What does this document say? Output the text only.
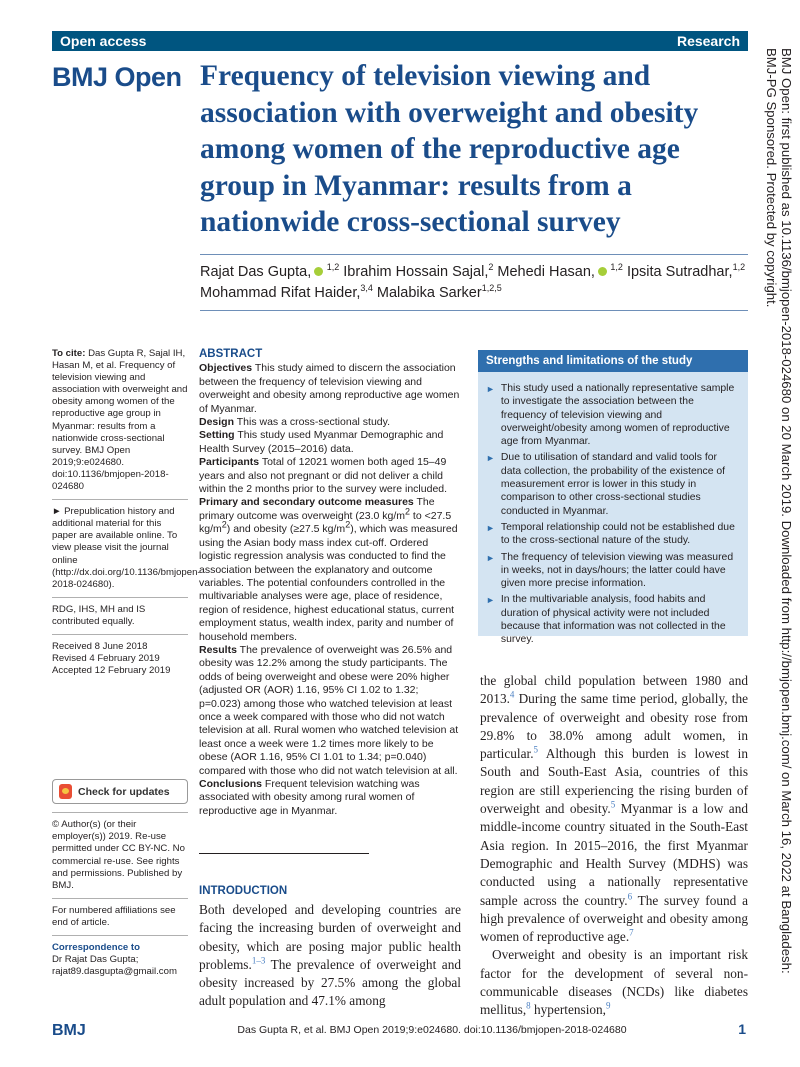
Open access	Research
BMJ Open Frequency of television viewing and association with overweight and obesity among women of the reproductive age group in Myanmar: results from a nationwide cross-sectional survey
Rajat Das Gupta, $^{1,2}$ Ibrahim Hossain Sajal,$^2$ Mehedi Hasan, $^{1,2}$ Ipsita Sutradhar,$^{1,2}$
Mohammad Rifat Haider,$^{3,4}$ Malabika Sarker$^{1,2,5}$

To cite: Das Gupta R, Sajal IH, Hasan M, et al. Frequency of television viewing and association with overweight and obesity among women of the reproductive age group in Myanmar: results from a nationwide cross-sectional survey. BMJ Open 2019;9:e024680. doi:10.1136/bmjopen-2018-024680

► Prepublication history and additional material for this paper are available online. To view please visit the journal online (http://dx.doi.org/10.1136/bmjopen-2018-024680).

RDG, IHS, MH and IS contributed equally.

Received 8 June 2018
Revised 4 February 2019
Accepted 12 February 2019
Check for updates

© Author(s) (or their employer(s)) 2019. Re-use permitted under CC BY-NC. No commercial re-use. See rights and permissions. Published by BMJ.

For numbered affiliations see end of article.

Correspondence to
Dr Rajat Das Gupta;
rajat89.dasgupta@gmail.com
ABSTRACT
Objectives This study aimed to discern the association between the frequency of television viewing and overweight and obesity among reproductive age women of Myanmar.
Design This was a cross-sectional study.
Setting This study used Myanmar Demographic and Health Survey (2015–2016) data.
Participants Total of 12021 women both aged 15–49 years and also not pregnant or did not deliver a child within the 2 months prior to the survey were included.
Primary and secondary outcome measures The primary outcome was overweight (23.0 $kg/m^2$ to <27.5 $kg/m^2$) and obesity (≥27.5 $kg/m^2$), which was measured using the Asian body mass index cut-off. Ordered logistic regression analysis was conducted to find the association between the explanatory and outcome variables. The potential confounders controlled in the multivariable analyses were age, place of residence, region of residence, highest educational status, current employment status, wealth index, parity and number of household members.
Results The prevalence of overweight was 26.5% and obesity was 12.2% among the study participants. The odds of being overweight and obese were 20% higher (adjusted OR (AOR) 1.16, 95% CI 1.02 to 1.32; p=0.023) among those who watched television at least once a week compared with those who did not watch television at all. Rural women who watched television at least once a week were 1.2 times more likely to be obese (AOR 1.16, 95% CI 1.01 to 1.34; p=0.040) compared with those who did not watch television at all.
Conclusions Frequent television watching was associated with obesity among rural women of reproductive age in Myanmar.
INTRODUCTION
Both developed and developing countries are facing the increasing burden of overweight and obesity, which are posing major public health problems.$^{1-3}$ The prevalence of overweight and obesity increased by 27.5% among the global adult population and 47.1% among
Strengths and limitations of the study
► This study used a nationally representative sample to investigate the association between the frequency of television viewing and overweight/obesity among women of reproductive age from Myanmar.
► Due to utilisation of standard and valid tools for data collection, the probability of the existence of measurement error is lower in this study in comparison to other cross-sectional studies conducted in Myanmar.
► Temporal relationship could not be established due to the cross-sectional nature of the study.
► The frequency of television viewing was measured in weeks, not in days/hours; the latter could have given more precise information.
► In the multivariable analysis, food habits and duration of physical activity were not included because that information was not collected in the survey.

the global child population between 1980 and 2013.$^4$ During the same time period, globally, the prevalence of overweight and obesity rose from 29.8% to 38.0% among adult women, in particular.$^5$ Although this burden is lowest in South and South-East Asia, countries of this region are still experiencing the rising burden of overweight and obesity.$^5$ Myanmar is a low and middle-income country situated in the South-East Asia region. In 2015–2016, the first Myanmar Demographic and Health Survey (MDHS) was conducted using a nationally representative sample across the country.$^6$ The survey found a high prevalence of overweight and obesity among women of reproductive age.$^7$

Overweight and obesity is an important risk factor for the development of several non-communicable diseases (NCDs) like diabetes mellitus,$^8$ hypertension,$^9$

BMJ	Das Gupta R, et al. BMJ Open 2019;9:e024680. doi:10.1136/bmjopen-2018-024680	1
BMJ Open: first published as 10.1136/bmjopen-2018-024680 on 20 March 2019. Downloaded from http://bmjopen.bmj.com/ on March 16, 2022 at Bangladesh: BMJ-PG Sponsored. Protected by copyright.
